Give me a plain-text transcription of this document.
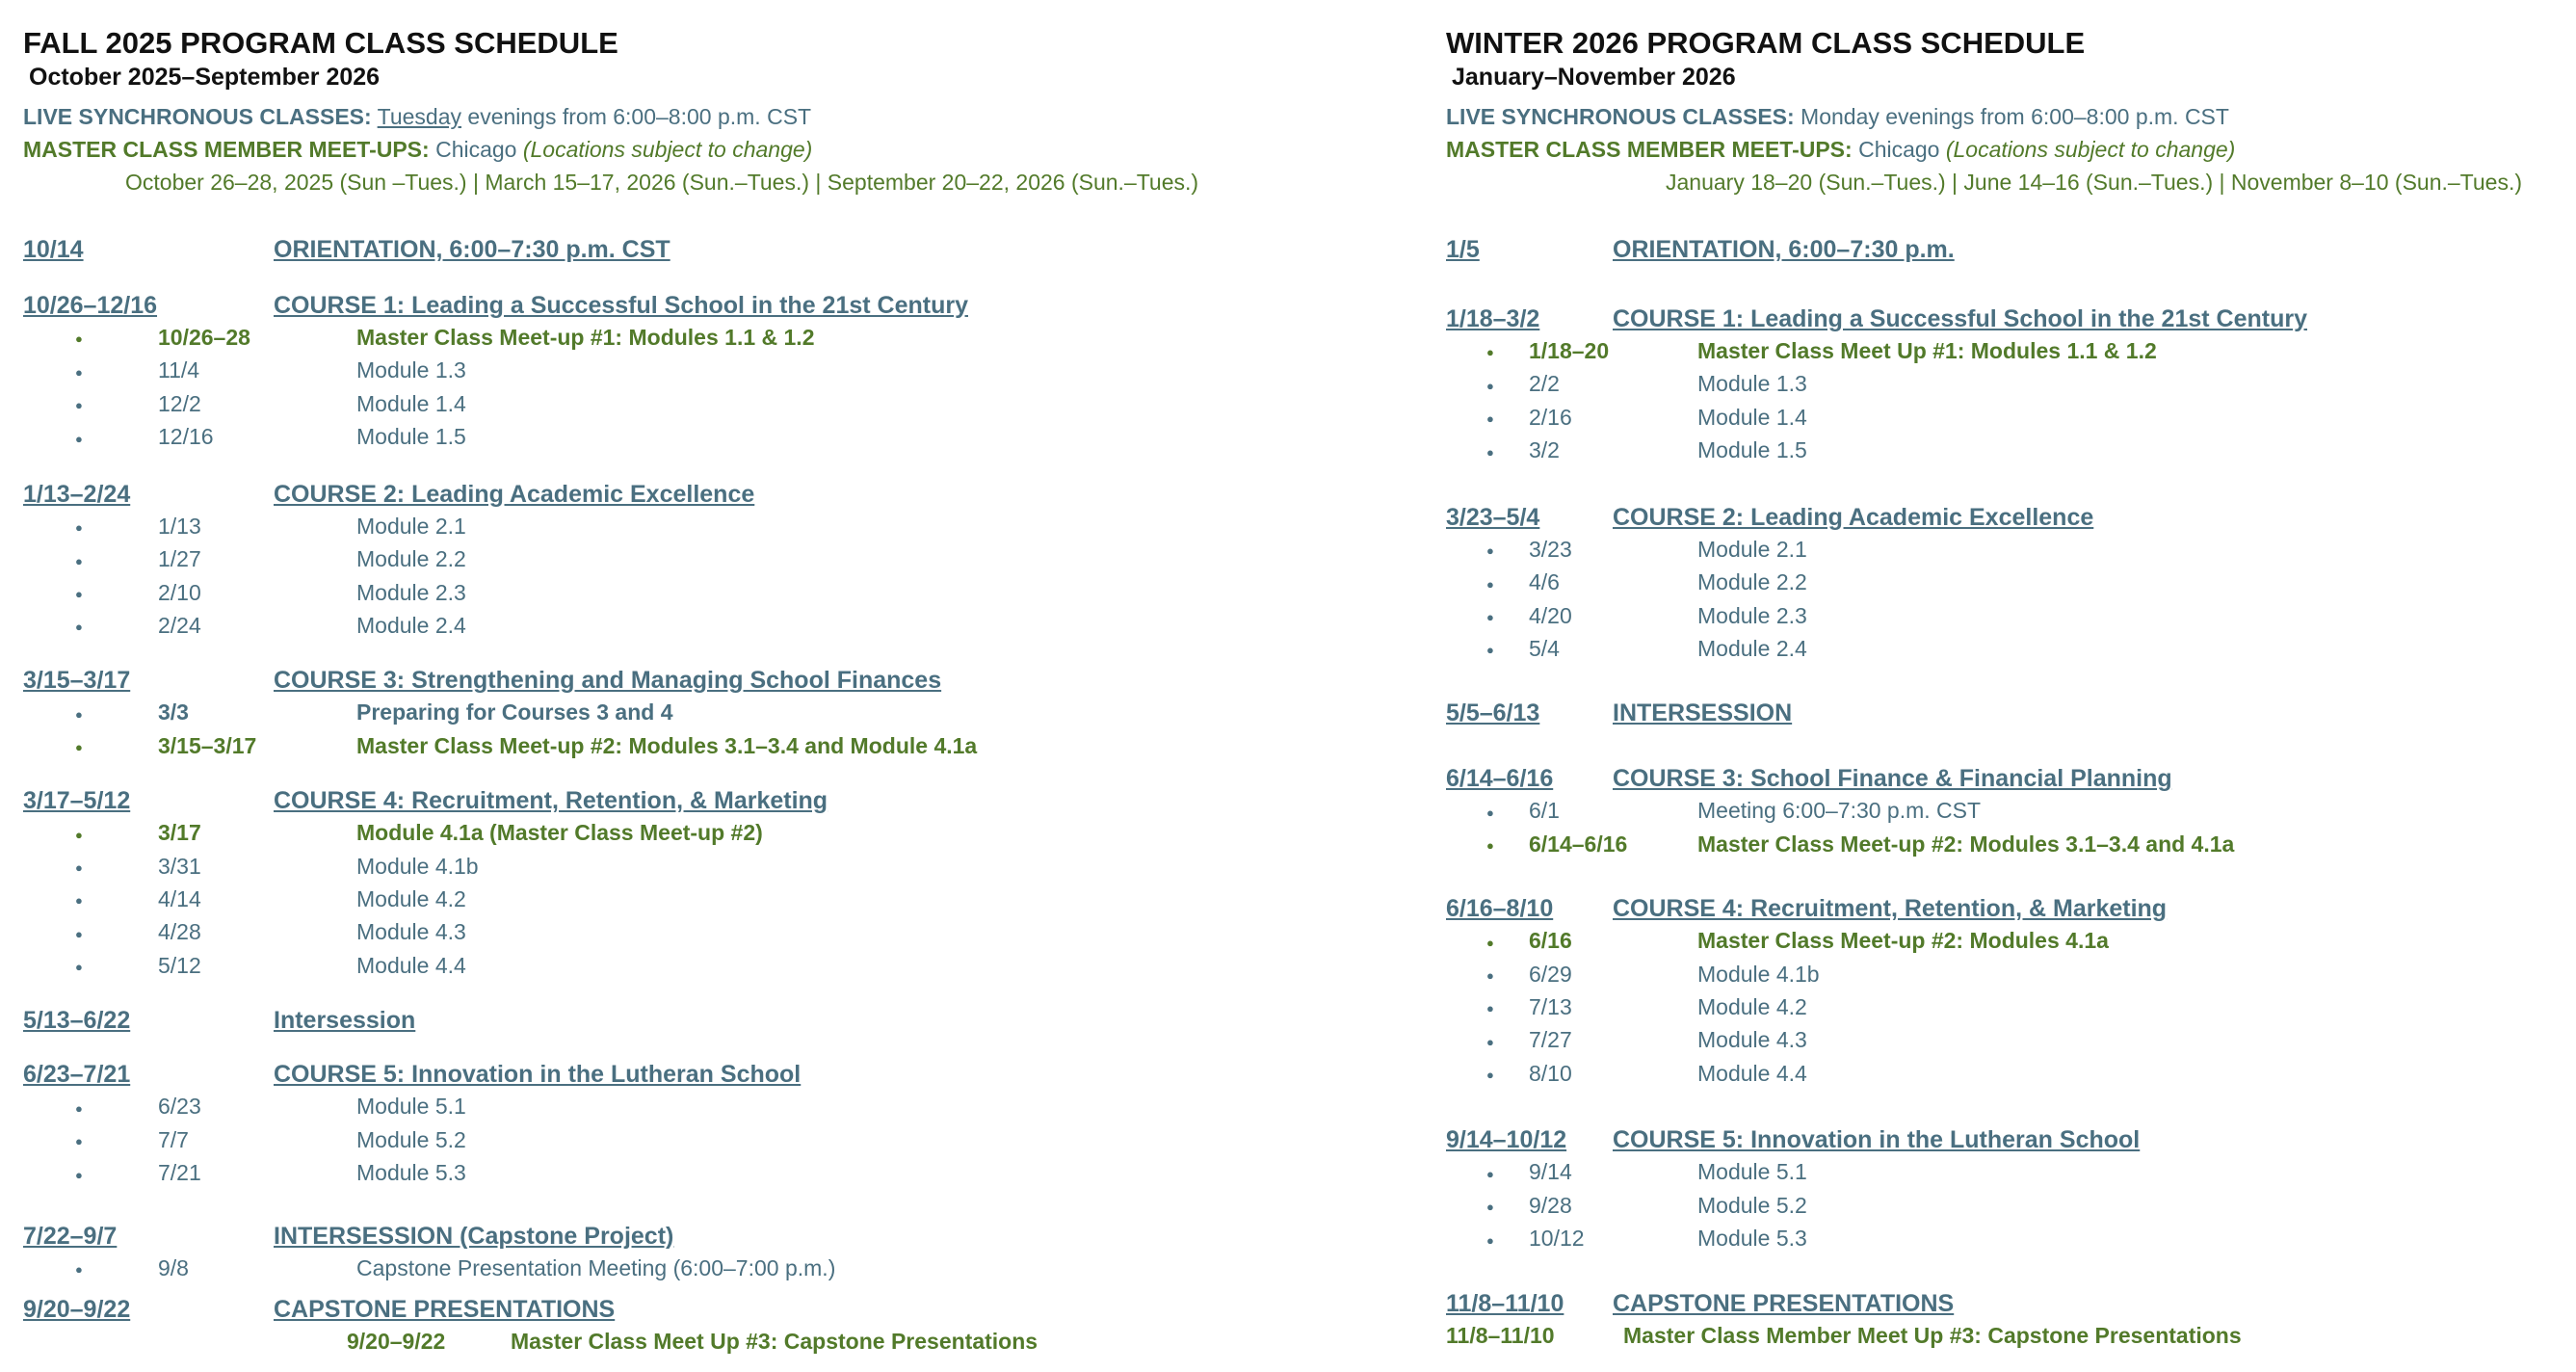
FALL 2025 PROGRAM CLASS SCHEDULE
October 2025–September 2026
LIVE SYNCHRONOUS CLASSES: Tuesday evenings from 6:00–8:00 p.m. CST
MASTER CLASS MEMBER MEET-UPS: Chicago (Locations subject to change)
October 26–28, 2025 (Sun –Tues.) | March 15–17, 2026 (Sun.–Tues.) | September 20–22, 2026 (Sun.–Tues.)
10/14	ORIENTATION, 6:00–7:30 p.m. CST
10/26–12/16	COURSE 1: Leading a Successful School in the 21st Century
●
10/26–28	Master Class Meet-up #1: Modules 1.1 & 1.2
●
11/4	Module 1.3
●
12/2	Module 1.4
●
12/16	Module 1.5
1/13–2/24	COURSE 2: Leading Academic Excellence
●
1/13	Module 2.1
●
1/27	Module 2.2
●
2/10	Module 2.3
●
2/24	Module 2.4
3/15–3/17	COURSE 3: Strengthening and Managing School Finances
●
3/3	Preparing for Courses 3 and 4
●
3/15–3/17	Master Class Meet-up #2: Modules 3.1–3.4 and Module 4.1a
3/17–5/12	COURSE 4: Recruitment, Retention, & Marketing
●
3/17	Module 4.1a (Master Class Meet-up #2)
●
3/31	Module 4.1b
●
4/14	Module 4.2
●
4/28	Module 4.3
●
5/12	Module 4.4
5/13–6/22	Intersession
6/23–7/21	COURSE 5: Innovation in the Lutheran School
●
6/23	Module 5.1
●
7/7	Module 5.2
●
7/21	Module 5.3
7/22–9/7	INTERSESSION (Capstone Project)
●
9/8	Capstone Presentation Meeting (6:00–7:00 p.m.)
9/20–9/22	CAPSTONE PRESENTATIONS
9/20–9/22	Master Class Meet Up #3: Capstone Presentations
WINTER 2026 PROGRAM CLASS SCHEDULE
January–November 2026
LIVE SYNCHRONOUS CLASSES: Monday evenings from 6:00–8:00 p.m. CST
MASTER CLASS MEMBER MEET-UPS: Chicago (Locations subject to change)
January 18–20 (Sun.–Tues.) | June 14–16 (Sun.–Tues.) | November 8–10 (Sun.–Tues.)
1/5	ORIENTATION, 6:00–7:30 p.m.
1/18–3/2	COURSE 1: Leading a Successful School in the 21st Century
●
1/18–20	Master Class Meet Up #1: Modules 1.1 & 1.2
●
2/2	Module 1.3
●
2/16	Module 1.4
●
3/2	Module 1.5
3/23–5/4	COURSE 2: Leading Academic Excellence
●
3/23	Module 2.1
●
4/6	Module 2.2
●
4/20	Module 2.3
●
5/4	Module 2.4
5/5–6/13	INTERSESSION
6/14–6/16	COURSE 3: School Finance & Financial Planning
●
6/1	Meeting 6:00–7:30 p.m. CST
●
6/14–6/16	Master Class Meet-up #2: Modules 3.1–3.4 and 4.1a
6/16–8/10	COURSE 4: Recruitment, Retention, & Marketing
●
6/16	Master Class Meet-up #2: Modules 4.1a
●
6/29	Module 4.1b
●
7/13	Module 4.2
●
7/27	Module 4.3
●
8/10	Module 4.4
9/14–10/12	COURSE 5: Innovation in the Lutheran School
●
9/14	Module 5.1
●
9/28	Module 5.2
●
10/12	Module 5.3
11/8–11/10	CAPSTONE PRESENTATIONS
11/8–11/10	Master Class Member Meet Up #3: Capstone Presentations
